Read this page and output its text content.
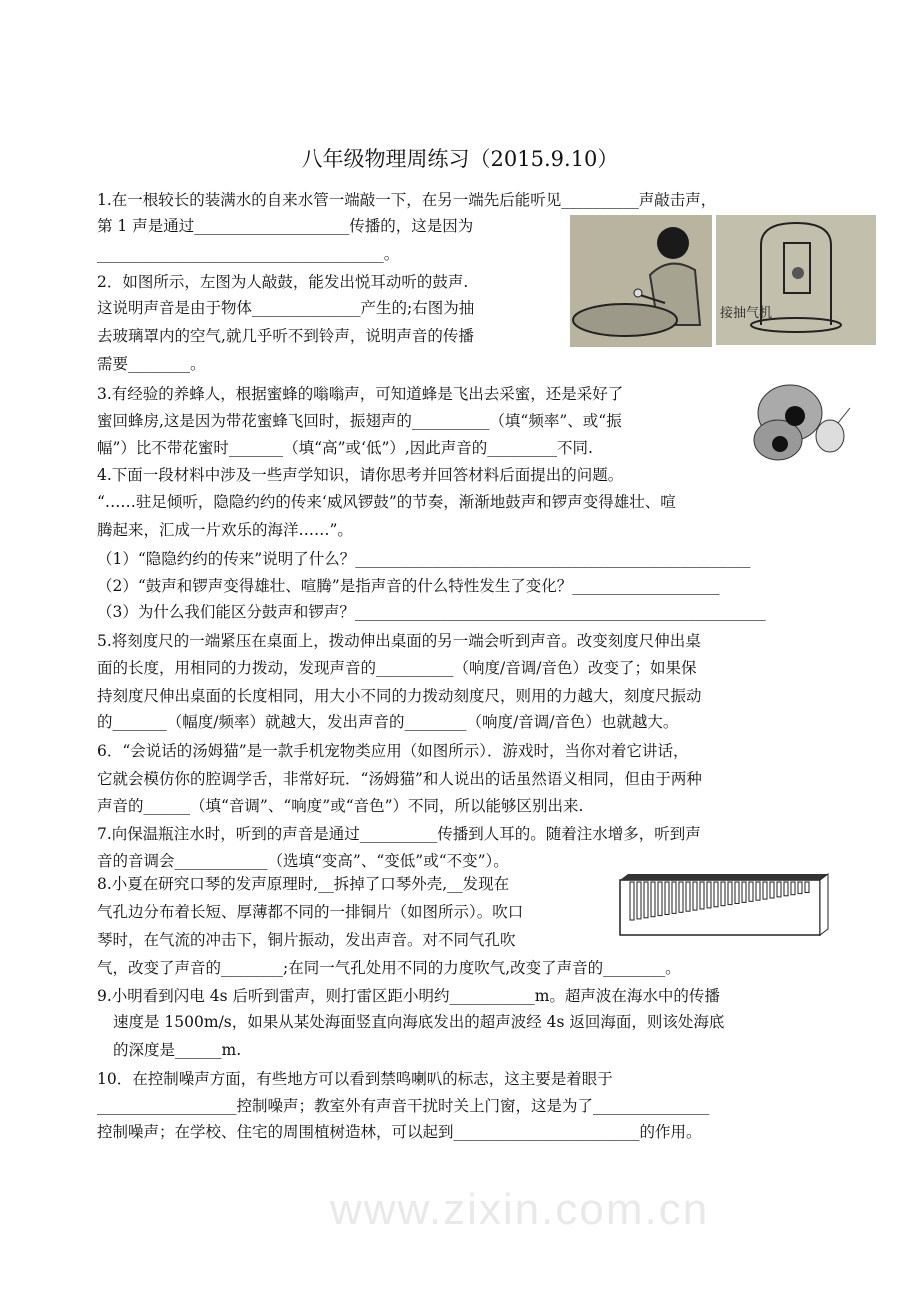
八年级物理周练习（2015.9.10）
www.zixin.com.cn
1.在一根较长的装满水的自来水管一端敲一下，在另一端先后能听见__________声敲击声，
第 1 声是通过____________________传播的，这是因为
_____________________________________。
2．如图所示，左图为人敲鼓，能发出悦耳动听的鼓声.
这说明声音是由于物体______________产生的;右图为抽
去玻璃罩内的空气,就几乎听不到铃声，说明声音的传播
需要________。
3.有经验的养蜂人，根据蜜蜂的嗡嗡声，可知道蜂是飞出去采蜜，还是采好了
蜜回蜂房,这是因为带花蜜蜂飞回时，振翅声的__________（填“频率”、或“振
幅”）比不带花蜜时_______（填“高”或‘低”）,因此声音的_________不同.
4.下面一段材料中涉及一些声学知识，请你思考并回答材料后面提出的问题。
“……驻足倾听，隐隐约约的传来‘威风锣鼓”的节奏，渐渐地鼓声和锣声变得雄壮、喧
腾起来，汇成一片欢乐的海洋……”。
（1）“隐隐约约的传来”说明了什么？___________________________________________________
（2）“鼓声和锣声变得雄壮、喧腾”是指声音的什么特性发生了变化？___________________
（3）为什么我们能区分鼓声和锣声？_____________________________________________________
5.将刻度尺的一端紧压在桌面上，拨动伸出桌面的另一端会听到声音。改变刻度尺伸出桌
面的长度，用相同的力拨动，发现声音的__________（响度/音调/音色）改变了；如果保
持刻度尺伸出桌面的长度相同，用大小不同的力拨动刻度尺，则用的力越大，刻度尺振动
的_______（幅度/频率）就越大，发出声音的________（响度/音调/音色）也就越大。
6．“会说话的汤姆猫”是一款手机宠物类应用（如图所示）．游戏时，当你对着它讲话，
它就会模仿你的腔调学舌，非常好玩．“汤姆猫”和人说出的话虽然语义相同，但由于两种
声音的______（填“音调”、“响度”或“音色”）不同，所以能够区别出来.
7.向保温瓶注水时，听到的声音是通过__________传播到人耳的。随着注水增多，听到声
音的音调会____________（选填“变高”、“变低”或“不变”）。
8.小夏在研究口琴的发声原理时,__拆掉了口琴外壳,__发现在
气孔边分布着长短、厚薄都不同的一排铜片（如图所示）。吹口
琴时，在气流的冲击下，铜片振动，发出声音。对不同气孔吹
气，改变了声音的________;在同一气孔处用不同的力度吹气,改变了声音的________。
9.小明看到闪电 4s 后听到雷声，则打雷区距小明约___________m。超声波在海水中的传播
速度是 1500m/s，如果从某处海面竖直向海底发出的超声波经 4s 返回海面，则该处海底
的深度是______m.
10．在控制噪声方面，有些地方可以看到禁鸣喇叭的标志，这主要是着眼于
__________________控制噪声；教室外有声音干扰时关上门窗，这是为了_______________
控制噪声；在学校、住宅的周围植树造林，可以起到________________________的作用。
接抽气机
